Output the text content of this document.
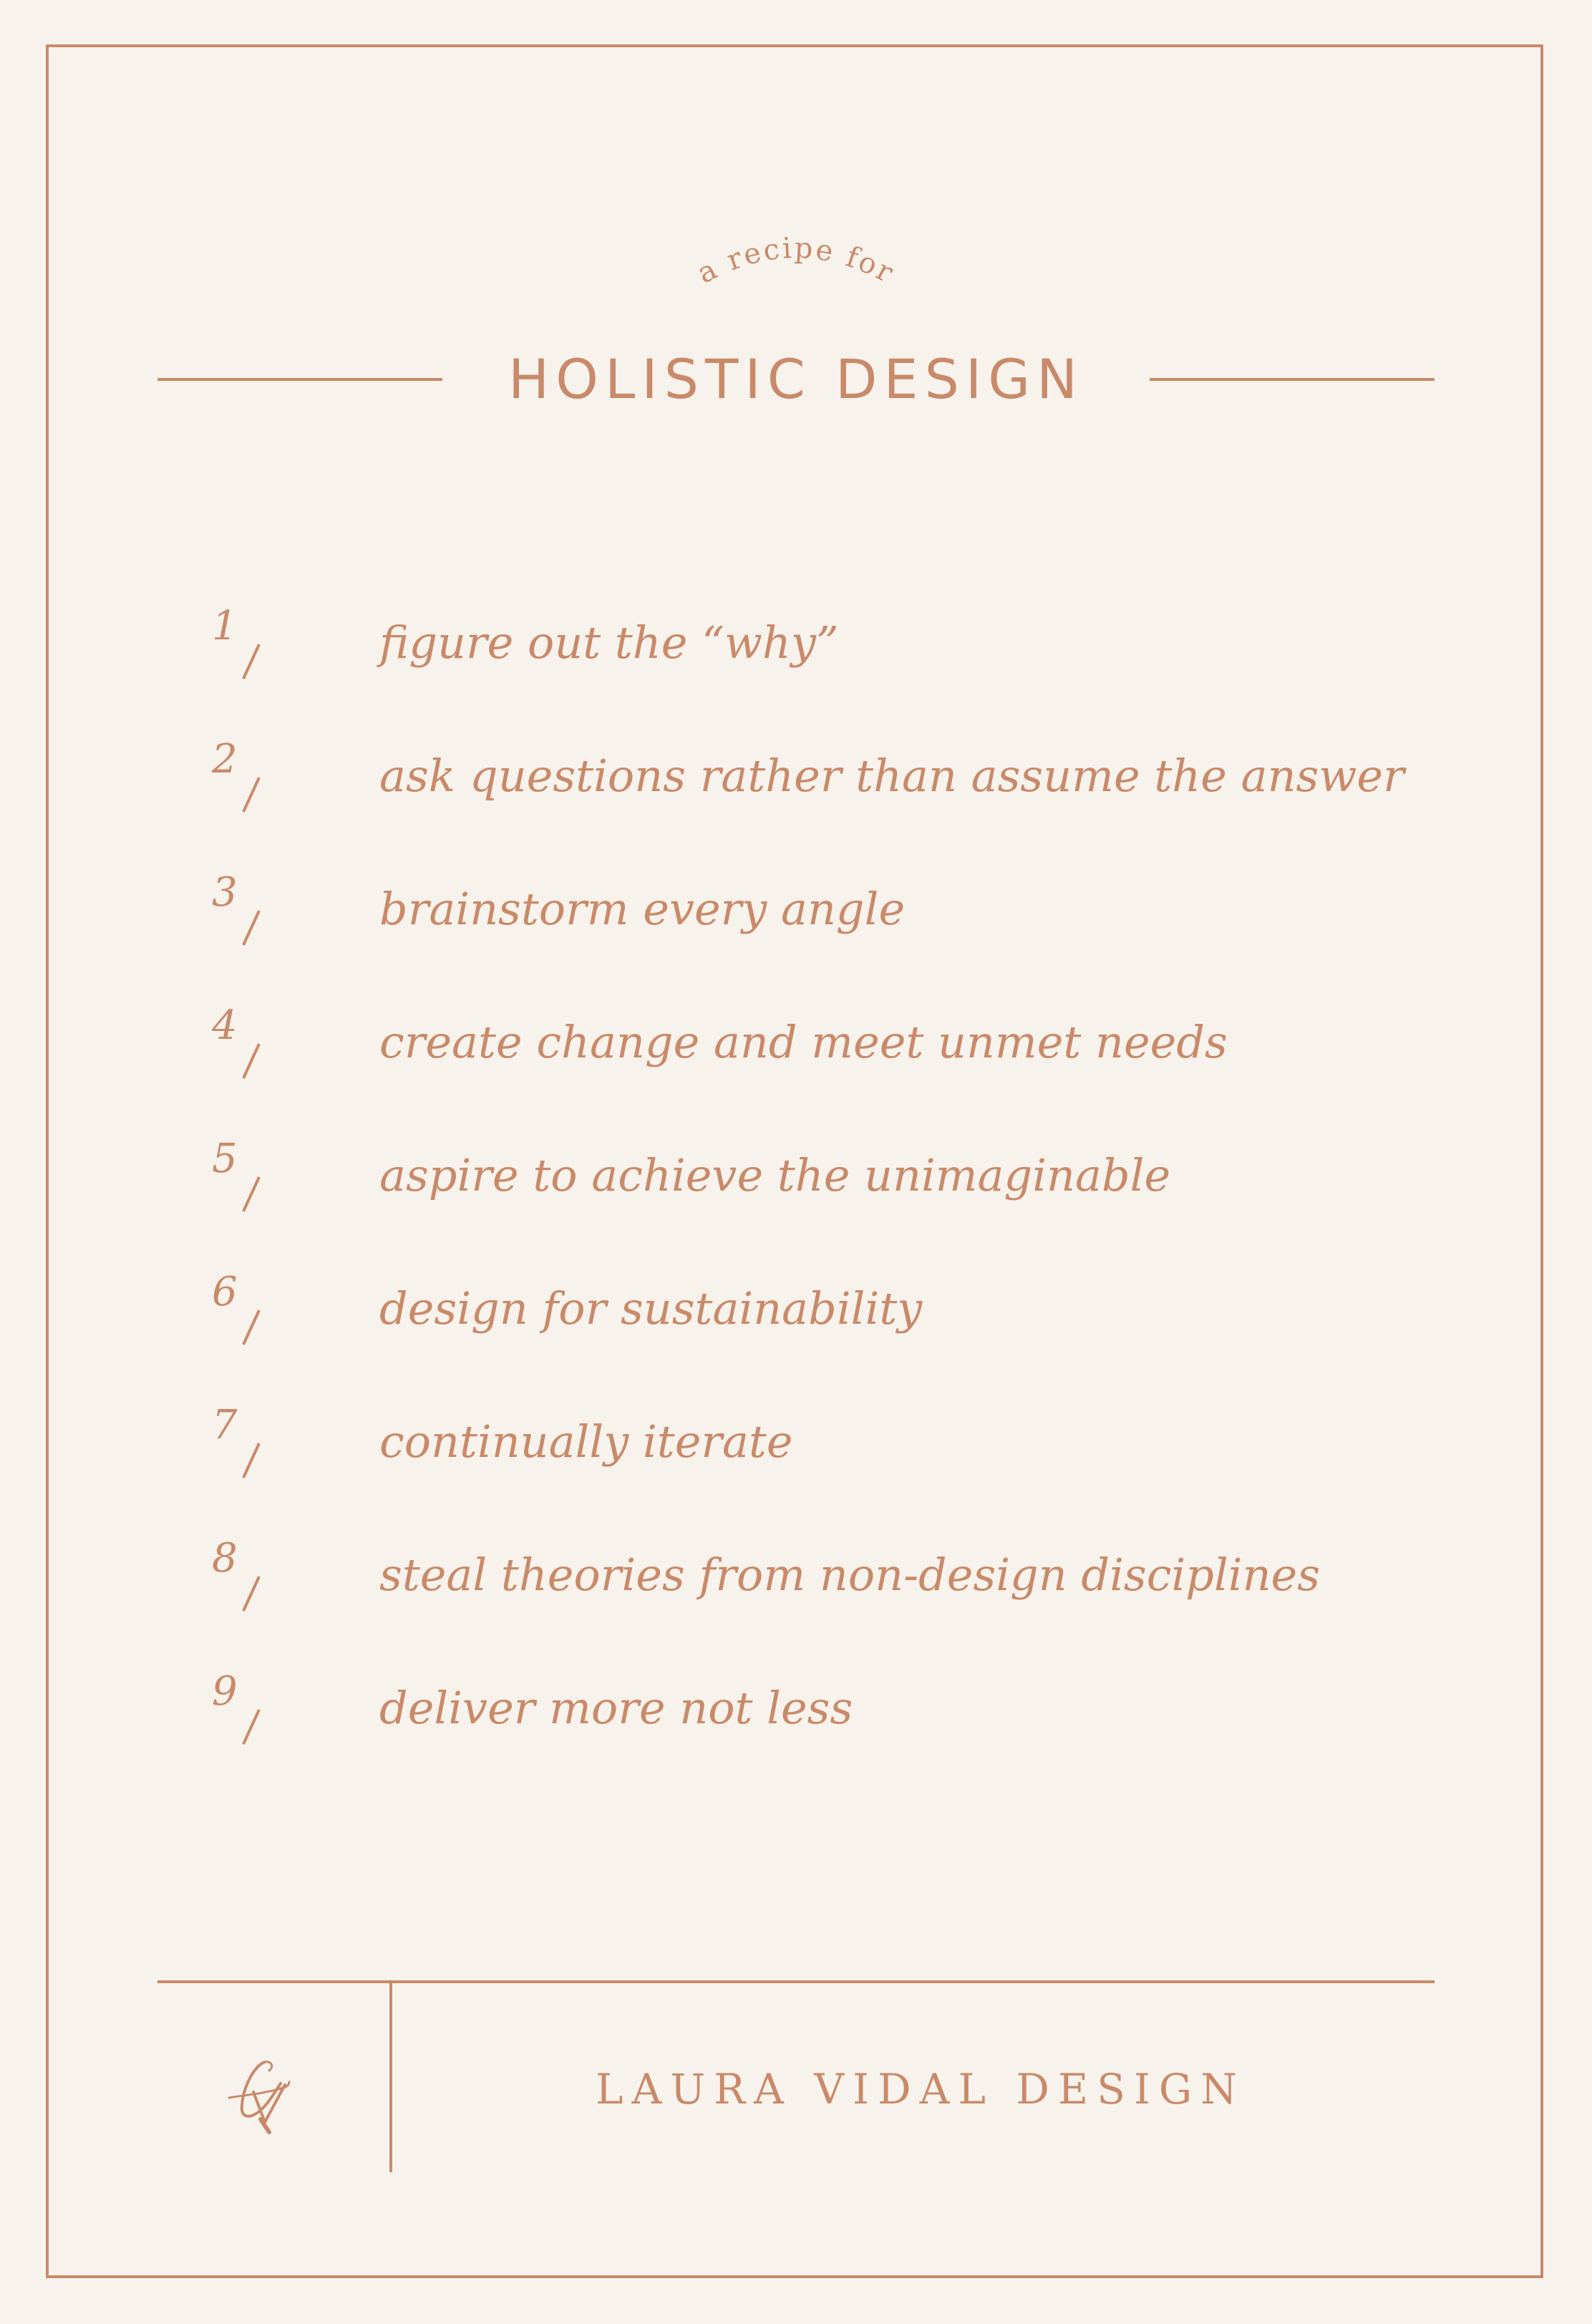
a recipe for
HOLISTIC DESIGN
1	figure out the “why”
2	ask questions rather than assume the answer
3	brainstorm every angle
4	create change and meet unmet needs
5	aspire to achieve the unimaginable
6	design for sustainability
7	continually iterate
8	steal theories from non-design disciplines
9	deliver more not less
LAURA VIDAL DESIGN
